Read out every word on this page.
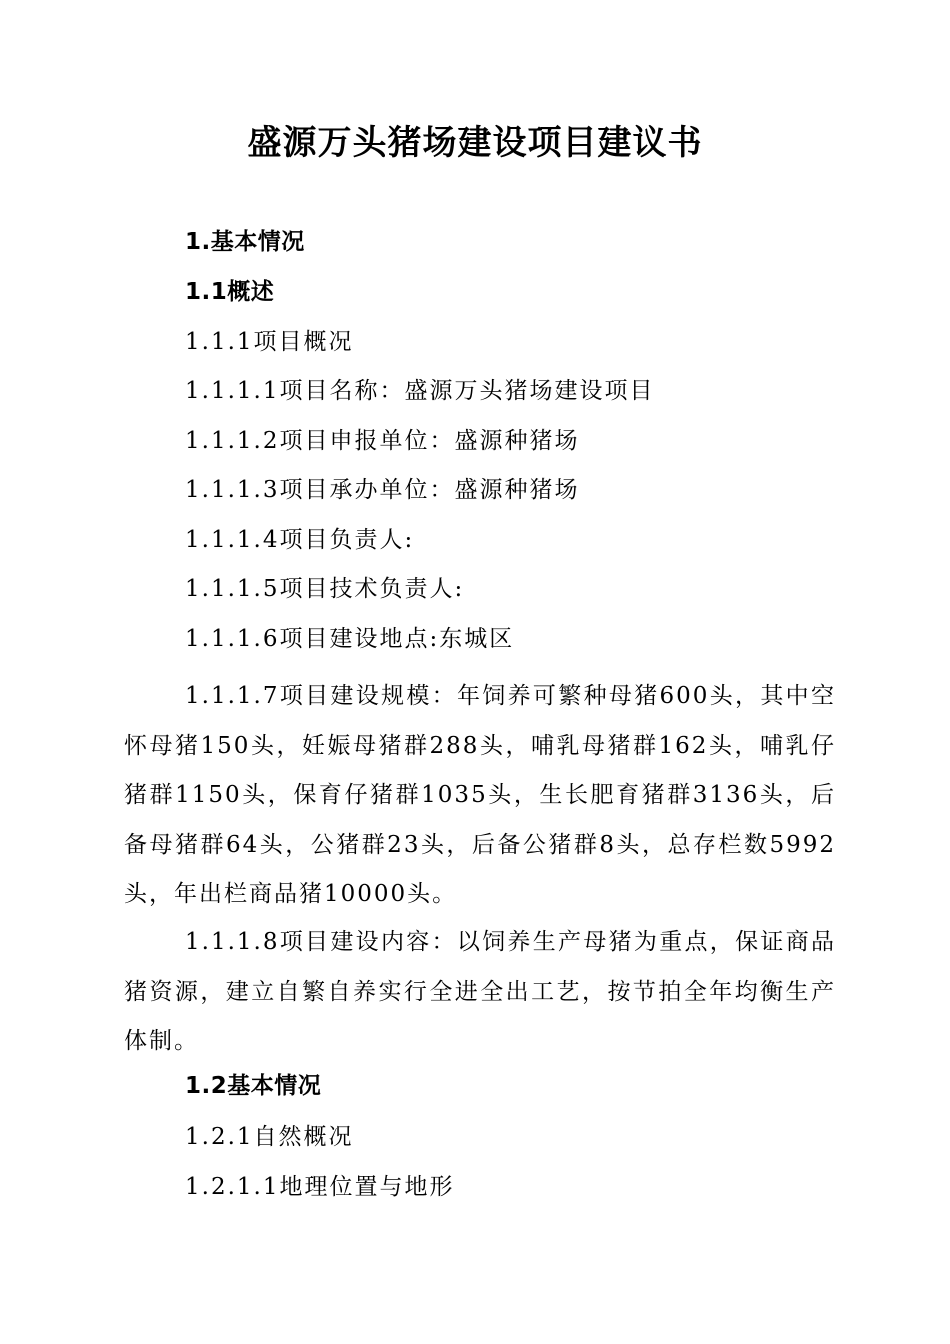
盛源万头猪场建设项目建议书
1.基本情况
1.1概述
1.1.1项目概况
1.1.1.1项目名称：盛源万头猪场建设项目
1.1.1.2项目申报单位：盛源种猪场
1.1.1.3项目承办单位：盛源种猪场
1.1.1.4项目负责人:
1.1.1.5项目技术负责人:
1.1.1.6项目建设地点:东城区

1.1.1.7项目建设规模：年饲养可繁种母猪600头，其中空怀母猪150头，妊娠母猪群288头，哺乳母猪群162头，哺乳仔猪群1150头，保育仔猪群1035头，生长肥育猪群3136头，后备母猪群64头，公猪群23头，后备公猪群8头，总存栏数5992头，年出栏商品猪10000头。

1.1.1.8项目建设内容：以饲养生产母猪为重点，保证商品猪资源，建立自繁自养实行全进全出工艺，按节拍全年均衡生产体制。

1.2基本情况
1.2.1自然概况
1.2.1.1地理位置与地形
